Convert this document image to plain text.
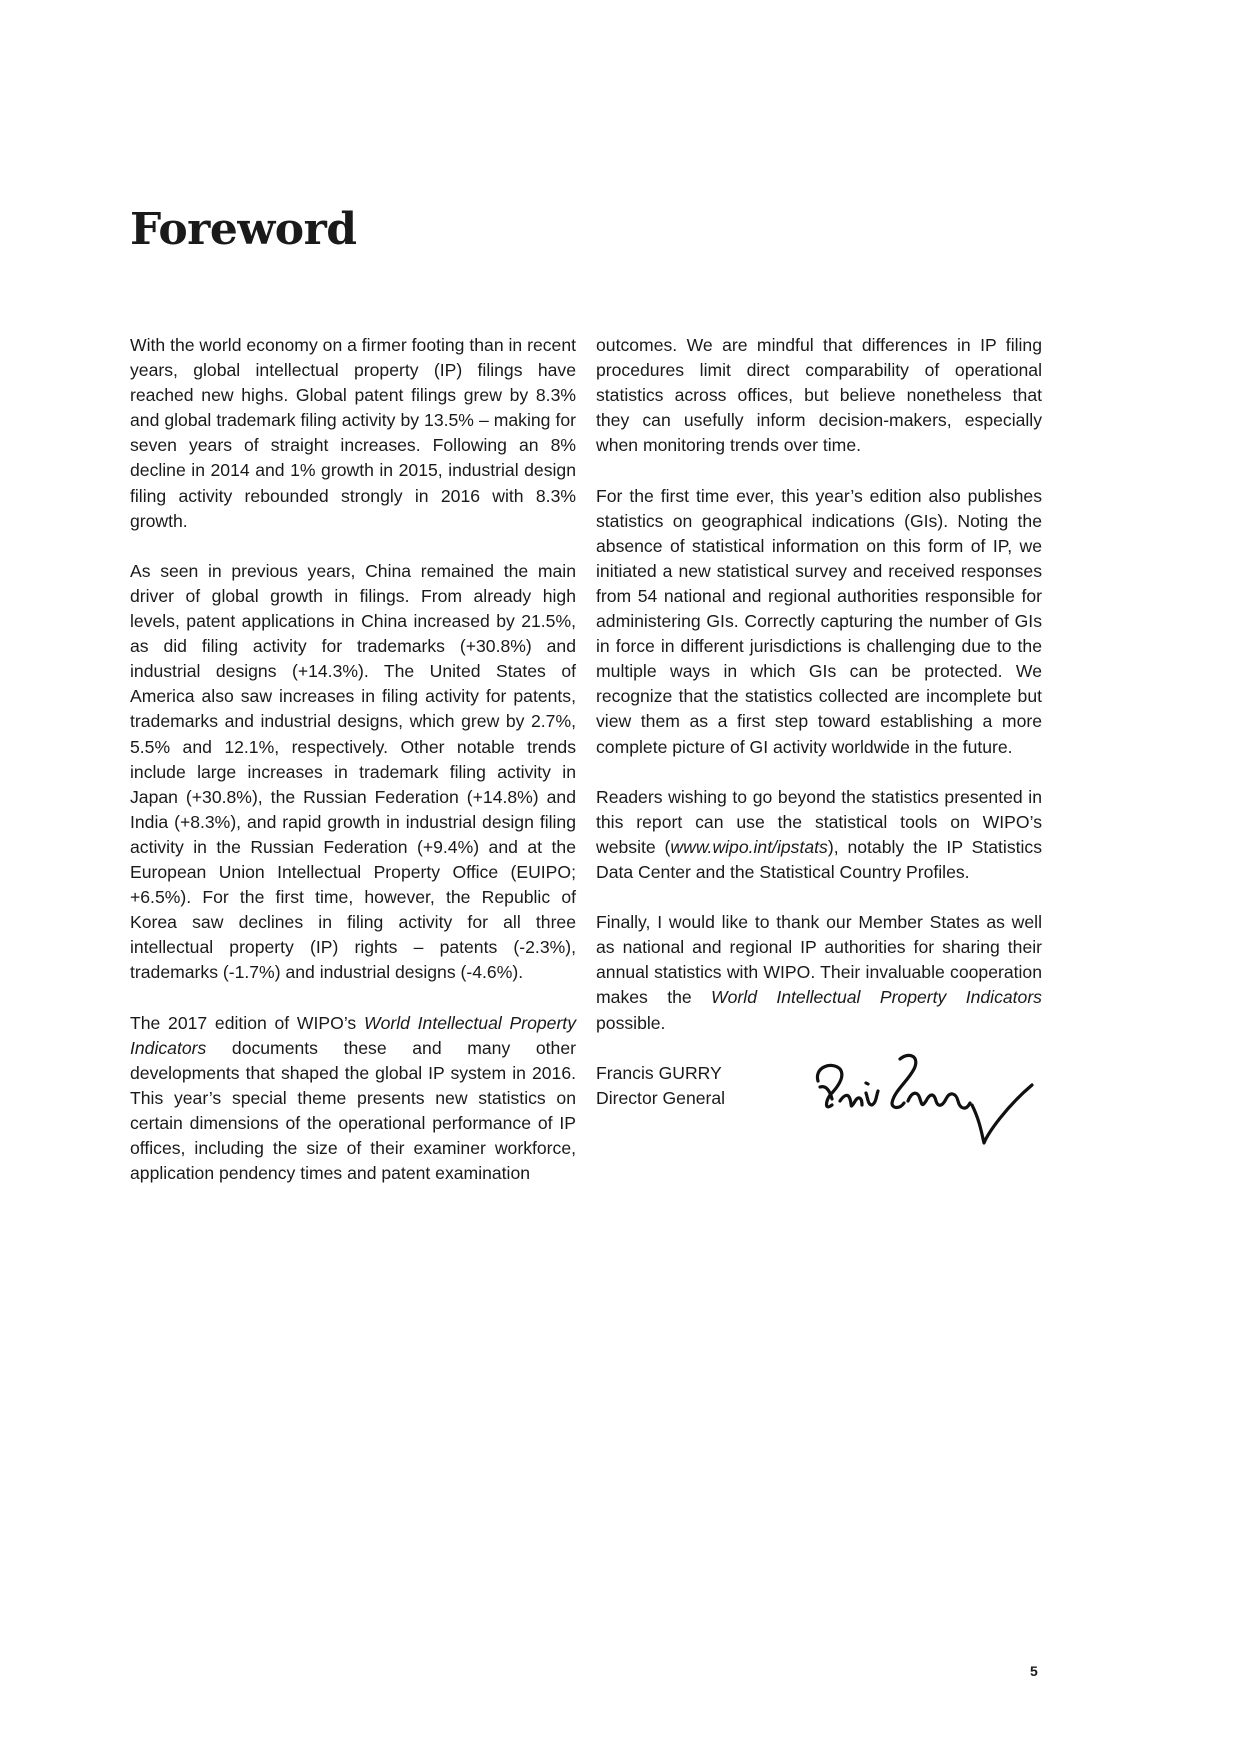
Foreword

With the world economy on a firmer footing than in recent years, global intellectual property (IP) filings have reached new highs. Global patent filings grew by 8.3% and global trademark filing activity by 13.5% – making for seven years of straight increases. Following an 8% decline in 2014 and 1% growth in 2015, industrial design filing activity rebounded strongly in 2016 with 8.3% growth.

As seen in previous years, China remained the main driver of global growth in filings. From already high levels, patent applications in China increased by 21.5%, as did filing activity for trademarks (+30.8%) and industrial designs (+14.3%). The United States of America also saw increases in filing activity for patents, trademarks and industrial designs, which grew by 2.7%, 5.5% and 12.1%, respectively. Other notable trends include large increases in trademark filing activity in Japan (+30.8%), the Russian Federation (+14.8%) and India (+8.3%), and rapid growth in industrial design filing activity in the Russian Federation (+9.4%) and at the European Union Intellectual Property Office (EUIPO; +6.5%). For the first time, however, the Republic of Korea saw declines in filing activity for all three intellectual property (IP) rights – patents (-2.3%), trademarks (-1.7%) and industrial designs (-4.6%).

The 2017 edition of WIPO’s World Intellectual Property Indicators documents these and many other developments that shaped the global IP system in 2016. This year’s special theme presents new statistics on certain dimensions of the operational performance of IP offices, including the size of their examiner workforce, application pendency times and patent examination

outcomes. We are mindful that differences in IP filing procedures limit direct comparability of operational statistics across offices, but believe nonetheless that they can usefully inform decision-makers, especially when monitoring trends over time.

For the first time ever, this year’s edition also publishes statistics on geographical indications (GIs). Noting the absence of statistical information on this form of IP, we initiated a new statistical survey and received responses from 54 national and regional authorities responsible for administering GIs. Correctly capturing the number of GIs in force in different jurisdictions is challenging due to the multiple ways in which GIs can be protected. We recognize that the statistics collected are incomplete but view them as a first step toward establishing a more complete picture of GI activity worldwide in the future.

Readers wishing to go beyond the statistics presented in this report can use the statistical tools on WIPO’s website (www.wipo.int/ipstats), notably the IP Statistics Data Center and the Statistical Country Profiles.

Finally, I would like to thank our Member States as well as national and regional IP authorities for sharing their annual statistics with WIPO. Their invaluable cooperation makes the World Intellectual Property Indicators possible.

Francis GURRY
Director General
5
